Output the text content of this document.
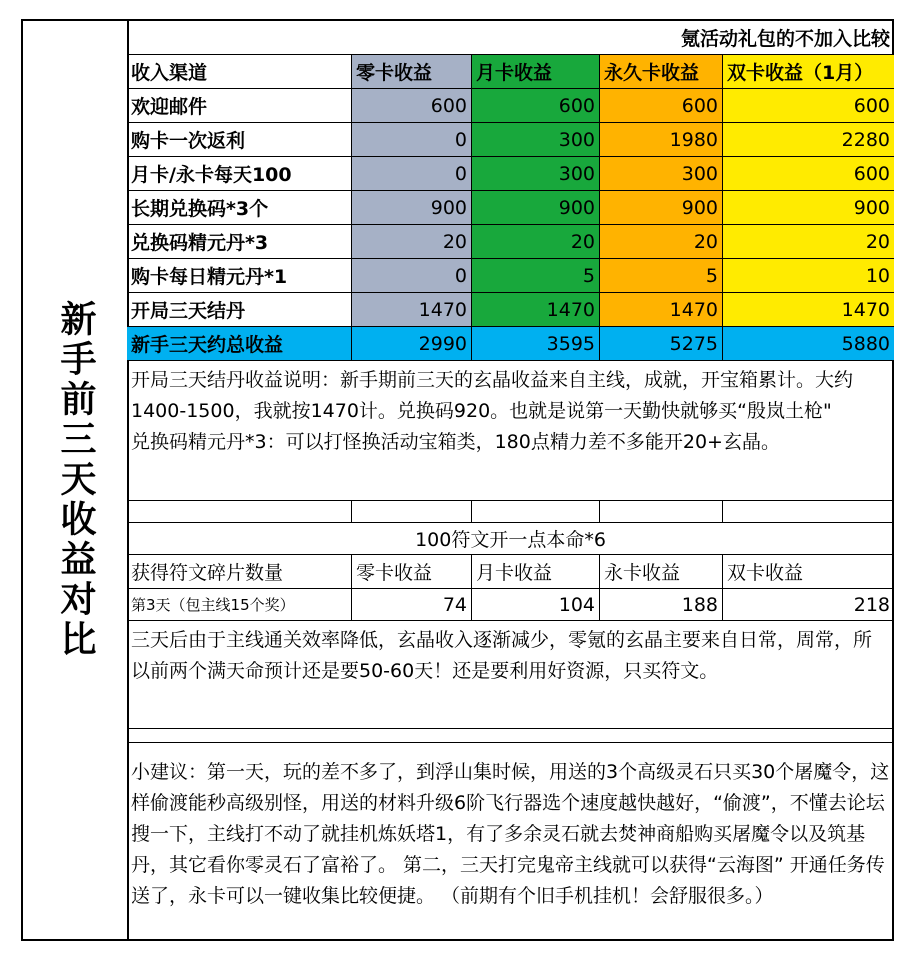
新手前三天收益对比
氪活动礼包的不加入比较
收入渠道	零卡收益	月卡收益	永久卡收益	双卡收益（1月）
欢迎邮件	600	600	600	600
购卡一次返利	0	300	1980	2280
月卡/永卡每天100	0	300	300	600
长期兑换码*3个	900	900	900	900
兑换码精元丹*3	20	20	20	20
购卡每日精元丹*1	0	5	5	10
开局三天结丹	1470	1470	1470	1470
新手三天约总收益	2990	3595	5275	5880
开局三天结丹收益说明：新手期前三天的玄晶收益来自主线，成就，开宝箱累计。大约1400-1500，我就按1470计。兑换码920。也就是说第一天勤快就够买“殷岚土枪"
兑换码精元丹*3：可以打怪换活动宝箱类，180点精力差不多能开20+玄晶。
100符文开一点本命*6
获得符文碎片数量	零卡收益	月卡收益	永卡收益	双卡收益
第3天（包主线15个奖）	74	104	188	218
三天后由于主线通关效率降低，玄晶收入逐渐减少，零氪的玄晶主要来自日常，周常，所以前两个满天命预计还是要50-60天！还是要利用好资源，只买符文。
小建议：第一天，玩的差不多了，到浮山集时候，用送的3个高级灵石只买30个屠魔令，这样偷渡能秒高级别怪，用送的材料升级6阶飞行器选个速度越快越好，“偷渡”，不懂去论坛搜一下，主线打不动了就挂机炼妖塔1，有了多余灵石就去焚神商船购买屠魔令以及筑基丹，其它看你零灵石了富裕了。 第二，三天打完鬼帝主线就可以获得“云海图” 开通任务传送了，永卡可以一键收集比较便捷。 （前期有个旧手机挂机！会舒服很多。）
